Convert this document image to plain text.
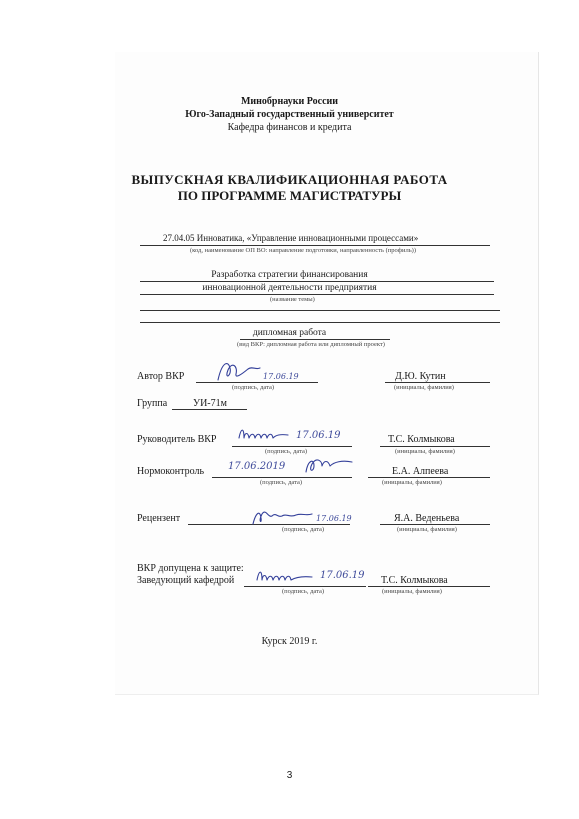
Минобрнауки России
Юго-Западный государственный университет
Кафедра финансов и кредита
ВЫПУСКНАЯ КВАЛИФИКАЦИОННАЯ РАБОТА
ПО ПРОГРАММЕ МАГИСТРАТУРЫ
27.04.05 Инноватика, «Управление инновационными процессами»
(код, наименование ОП ВО: направление подготовки, направленность (профиль))
Разработка стратегии финансирования
инновационной деятельности предприятия
(название темы)
дипломная работа
(вид ВКР: дипломная работа или дипломный проект)
Автор ВКР	17.06.19
(подпись, дата)
Д.Ю. Кутин
(инициалы, фамилия)
Группа	УИ-71м
Руководитель ВКР	17.06.19
(подпись, дата)
Т.С. Колмыкова
(инициалы, фамилия)
Нормоконтроль 17.06.2019
(подпись, дата)
Е.А. Алпеева
(инициалы, фамилия)
Рецензент	17.06.19
(подпись, дата)
Я.А. Веденьева
(инициалы, фамилия)
ВКР допущена к защите:
Заведующий кафедрой	17.06.19
(подпись, дата)
Т.С. Колмыкова
(инициалы, фамилия)
Курск 2019 г.
3
